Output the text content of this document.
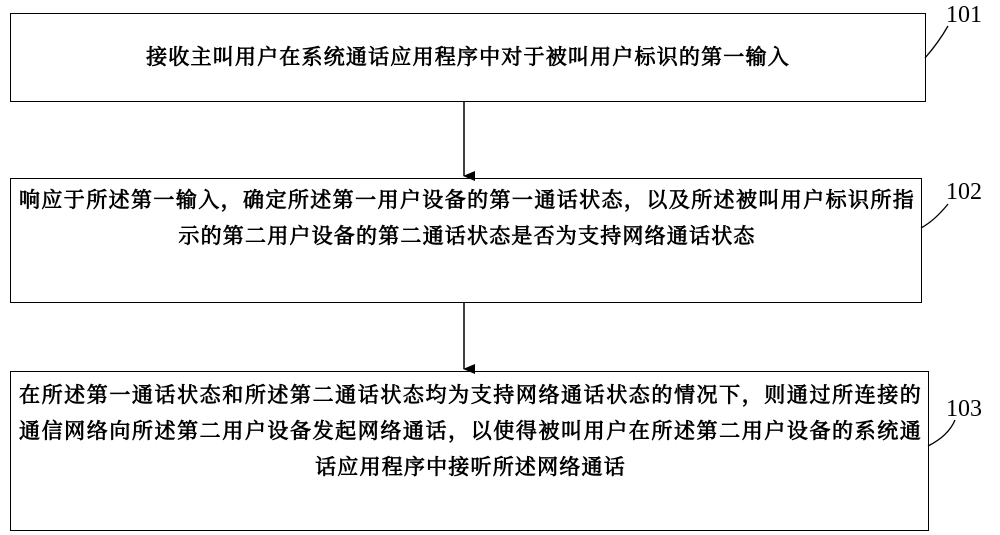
接收主叫用户在系统通话应用程序中对于被叫用户标识的第一输入
响应于所述第一输入，确定所述第一用户设备的第一通话状态，以及所述被叫用户标识所指示的第二用户设备的第二通话状态是否为支持网络通话状态
在所述第一通话状态和所述第二通话状态均为支持网络通话状态的情况下，则通过所连接的通信网络向所述第二用户设备发起网络通话，以使得被叫用户在所述第二用户设备的系统通话应用程序中接听所述网络通话
101
102
103
